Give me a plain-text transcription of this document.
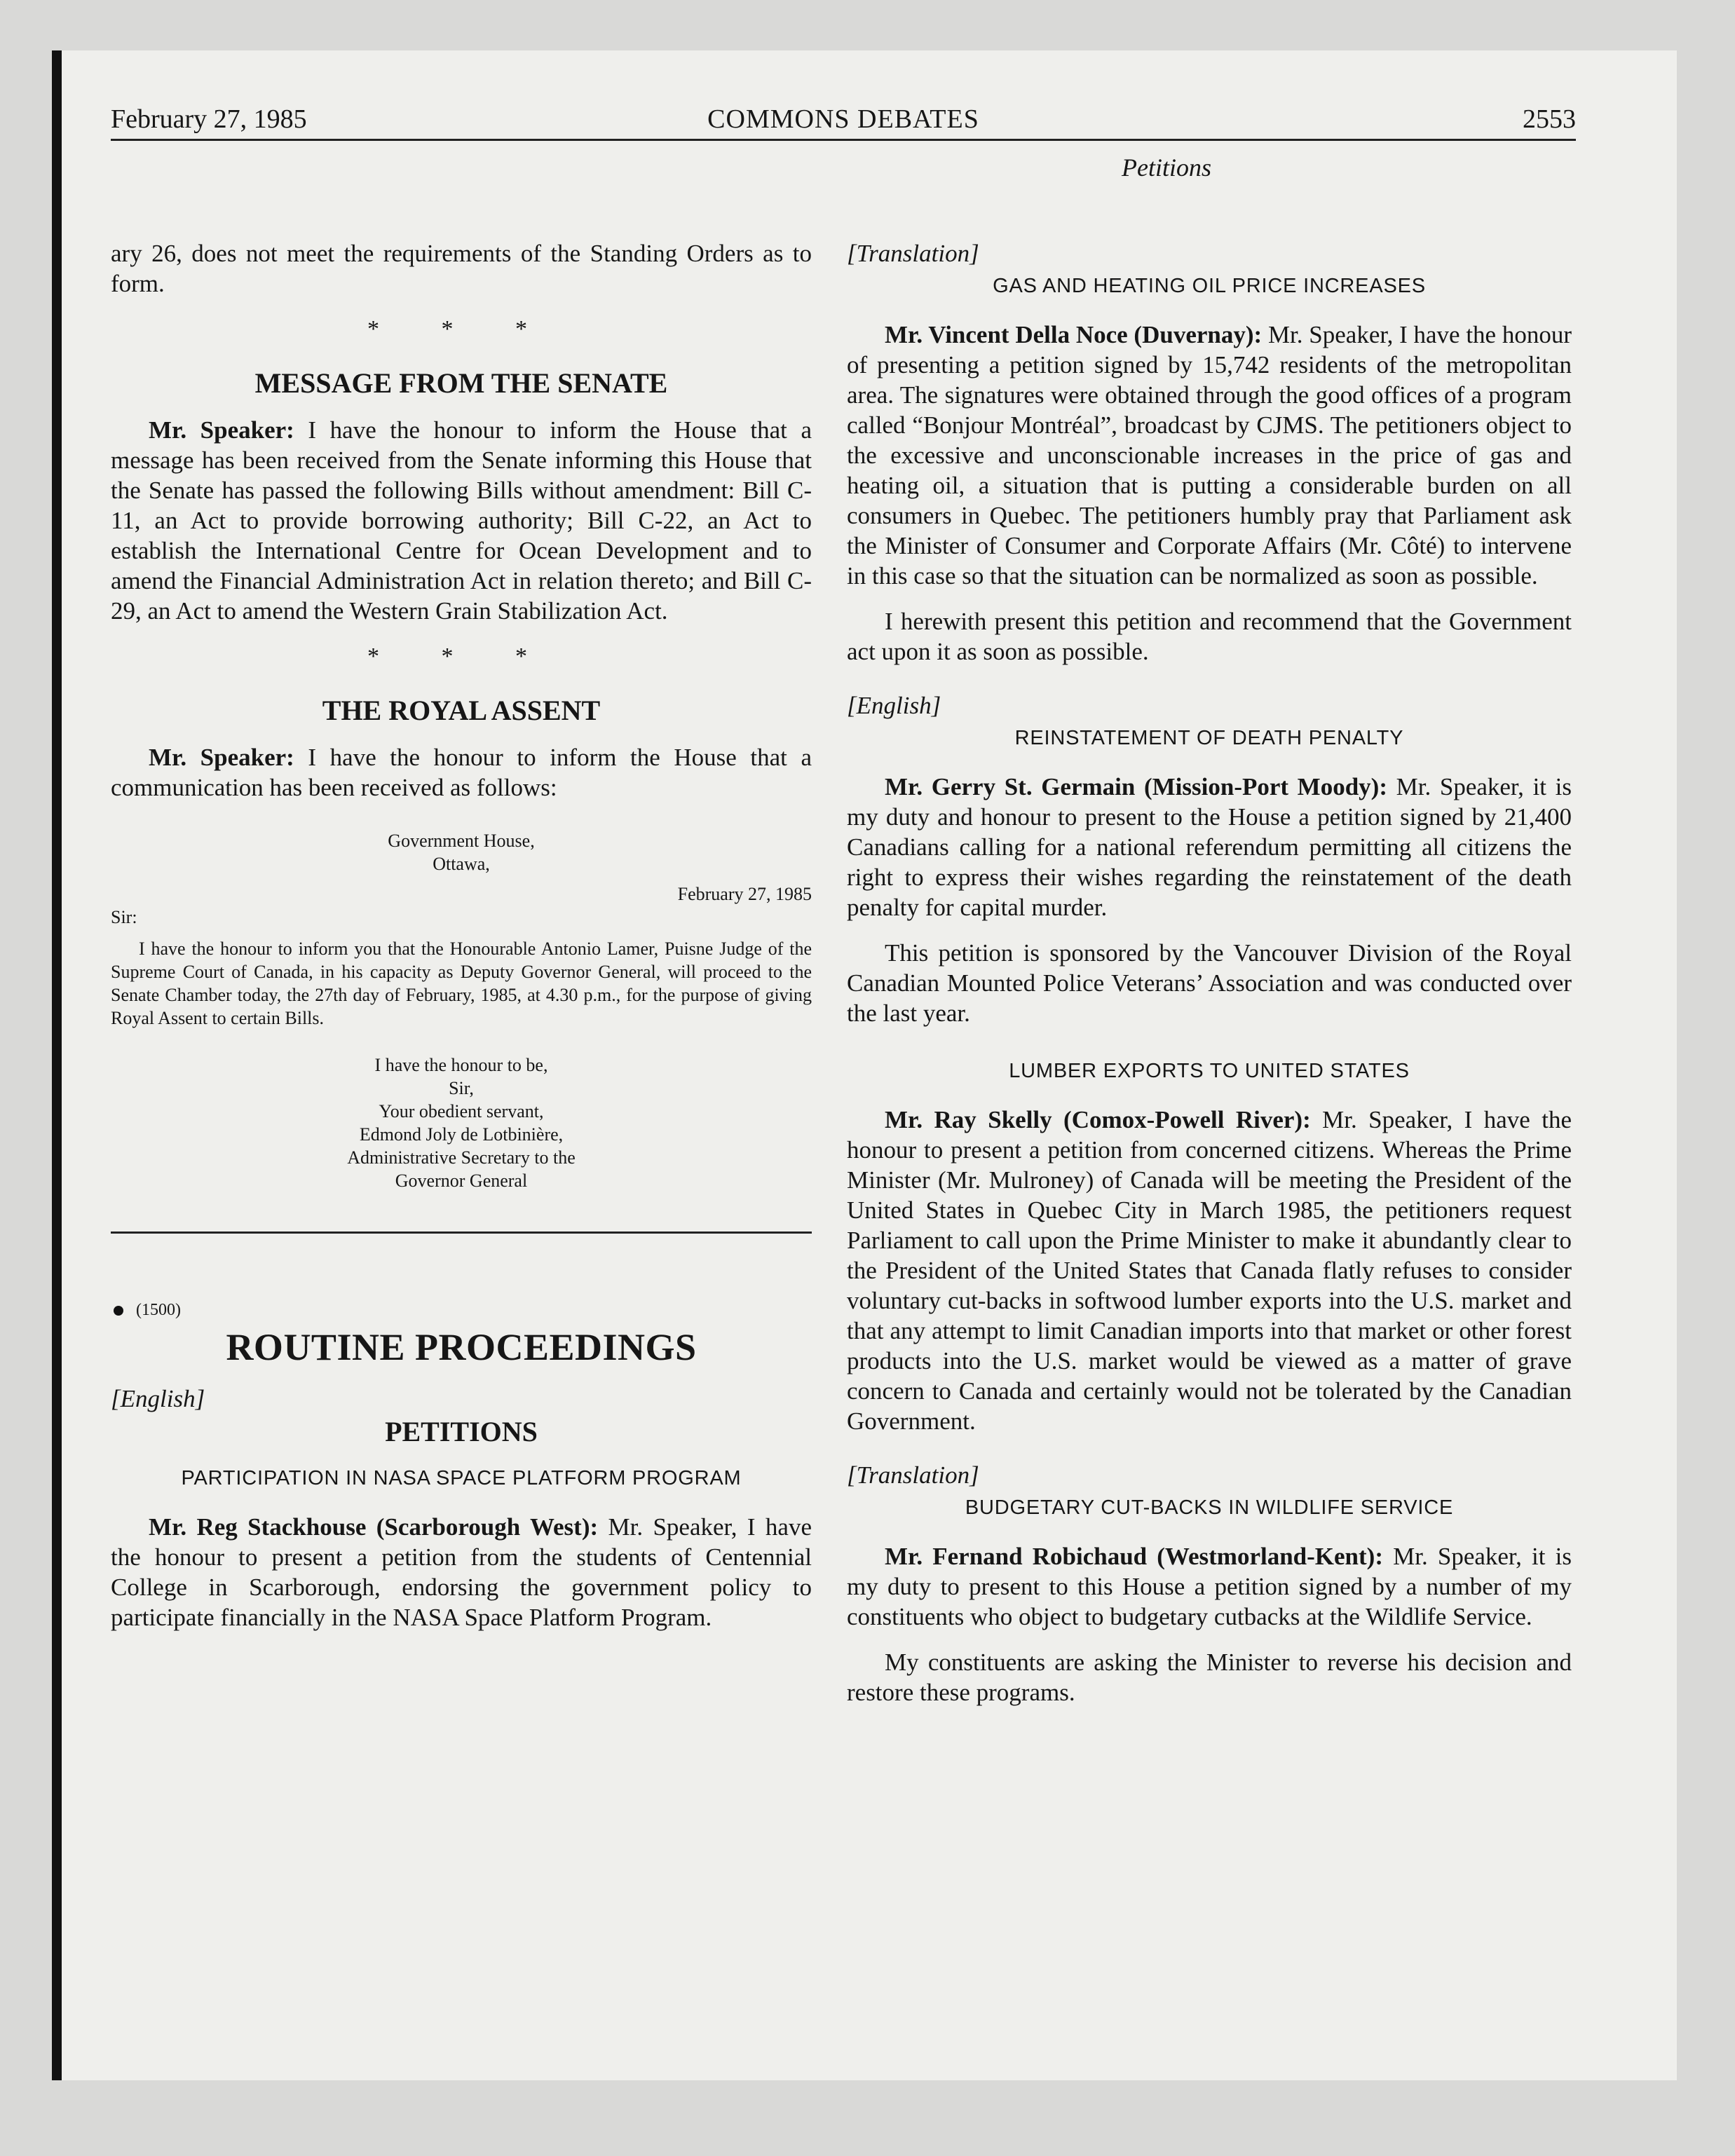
February 27, 1985	COMMONS DEBATES	2553
Petitions

ary 26, does not meet the requirements of the Standing Orders as to form.

* * *
MESSAGE FROM THE SENATE

Mr. Speaker: I have the honour to inform the House that a message has been received from the Senate informing this House that the Senate has passed the following Bills without amendment: Bill C-11, an Act to provide borrowing authority; Bill C-22, an Act to establish the International Centre for Ocean Development and to amend the Financial Administration Act in relation thereto; and Bill C-29, an Act to amend the Western Grain Stabilization Act.

* * *
THE ROYAL ASSENT

Mr. Speaker: I have the honour to inform the House that a communication has been received as follows:

Government House,
Ottawa,
February 27, 1985
Sir:

I have the honour to inform you that the Honourable Antonio Lamer, Puisne Judge of the Supreme Court of Canada, in his capacity as Deputy Governor General, will proceed to the Senate Chamber today, the 27th day of February, 1985, at 4.30 p.m., for the purpose of giving Royal Assent to certain Bills.

I have the honour to be,
Sir,
Your obedient servant,
Edmond Joly de Lotbinière,
Administrative Secretary to the
Governor General
(1500)
ROUTINE PROCEEDINGS
[English]
PETITIONS
PARTICIPATION IN NASA SPACE PLATFORM PROGRAM

Mr. Reg Stackhouse (Scarborough West): Mr. Speaker, I have the honour to present a petition from the students of Centennial College in Scarborough, endorsing the government policy to participate financially in the NASA Space Platform Program.

[Translation]
GAS AND HEATING OIL PRICE INCREASES

Mr. Vincent Della Noce (Duvernay): Mr. Speaker, I have the honour of presenting a petition signed by 15,742 residents of the metropolitan area. The signatures were obtained through the good offices of a program called “Bonjour Montréal”, broadcast by CJMS. The petitioners object to the excessive and unconscionable increases in the price of gas and heating oil, a situation that is putting a considerable burden on all consumers in Quebec. The petitioners humbly pray that Parliament ask the Minister of Consumer and Corporate Affairs (Mr. Côté) to intervene in this case so that the situation can be normalized as soon as possible.

I herewith present this petition and recommend that the Government act upon it as soon as possible.

[English]
REINSTATEMENT OF DEATH PENALTY

Mr. Gerry St. Germain (Mission-Port Moody): Mr. Speaker, it is my duty and honour to present to the House a petition signed by 21,400 Canadians calling for a national referendum permitting all citizens the right to express their wishes regarding the reinstatement of the death penalty for capital murder.

This petition is sponsored by the Vancouver Division of the Royal Canadian Mounted Police Veterans’ Association and was conducted over the last year.

LUMBER EXPORTS TO UNITED STATES

Mr. Ray Skelly (Comox-Powell River): Mr. Speaker, I have the honour to present a petition from concerned citizens. Whereas the Prime Minister (Mr. Mulroney) of Canada will be meeting the President of the United States in Quebec City in March 1985, the petitioners request Parliament to call upon the Prime Minister to make it abundantly clear to the President of the United States that Canada flatly refuses to consider voluntary cut-backs in softwood lumber exports into the U.S. market and that any attempt to limit Canadian imports into that market or other forest products into the U.S. market would be viewed as a matter of grave concern to Canada and certainly would not be tolerated by the Canadian Government.

[Translation]
BUDGETARY CUT-BACKS IN WILDLIFE SERVICE

Mr. Fernand Robichaud (Westmorland-Kent): Mr. Speaker, it is my duty to present to this House a petition signed by a number of my constituents who object to budgetary cutbacks at the Wildlife Service.

My constituents are asking the Minister to reverse his decision and restore these programs.
